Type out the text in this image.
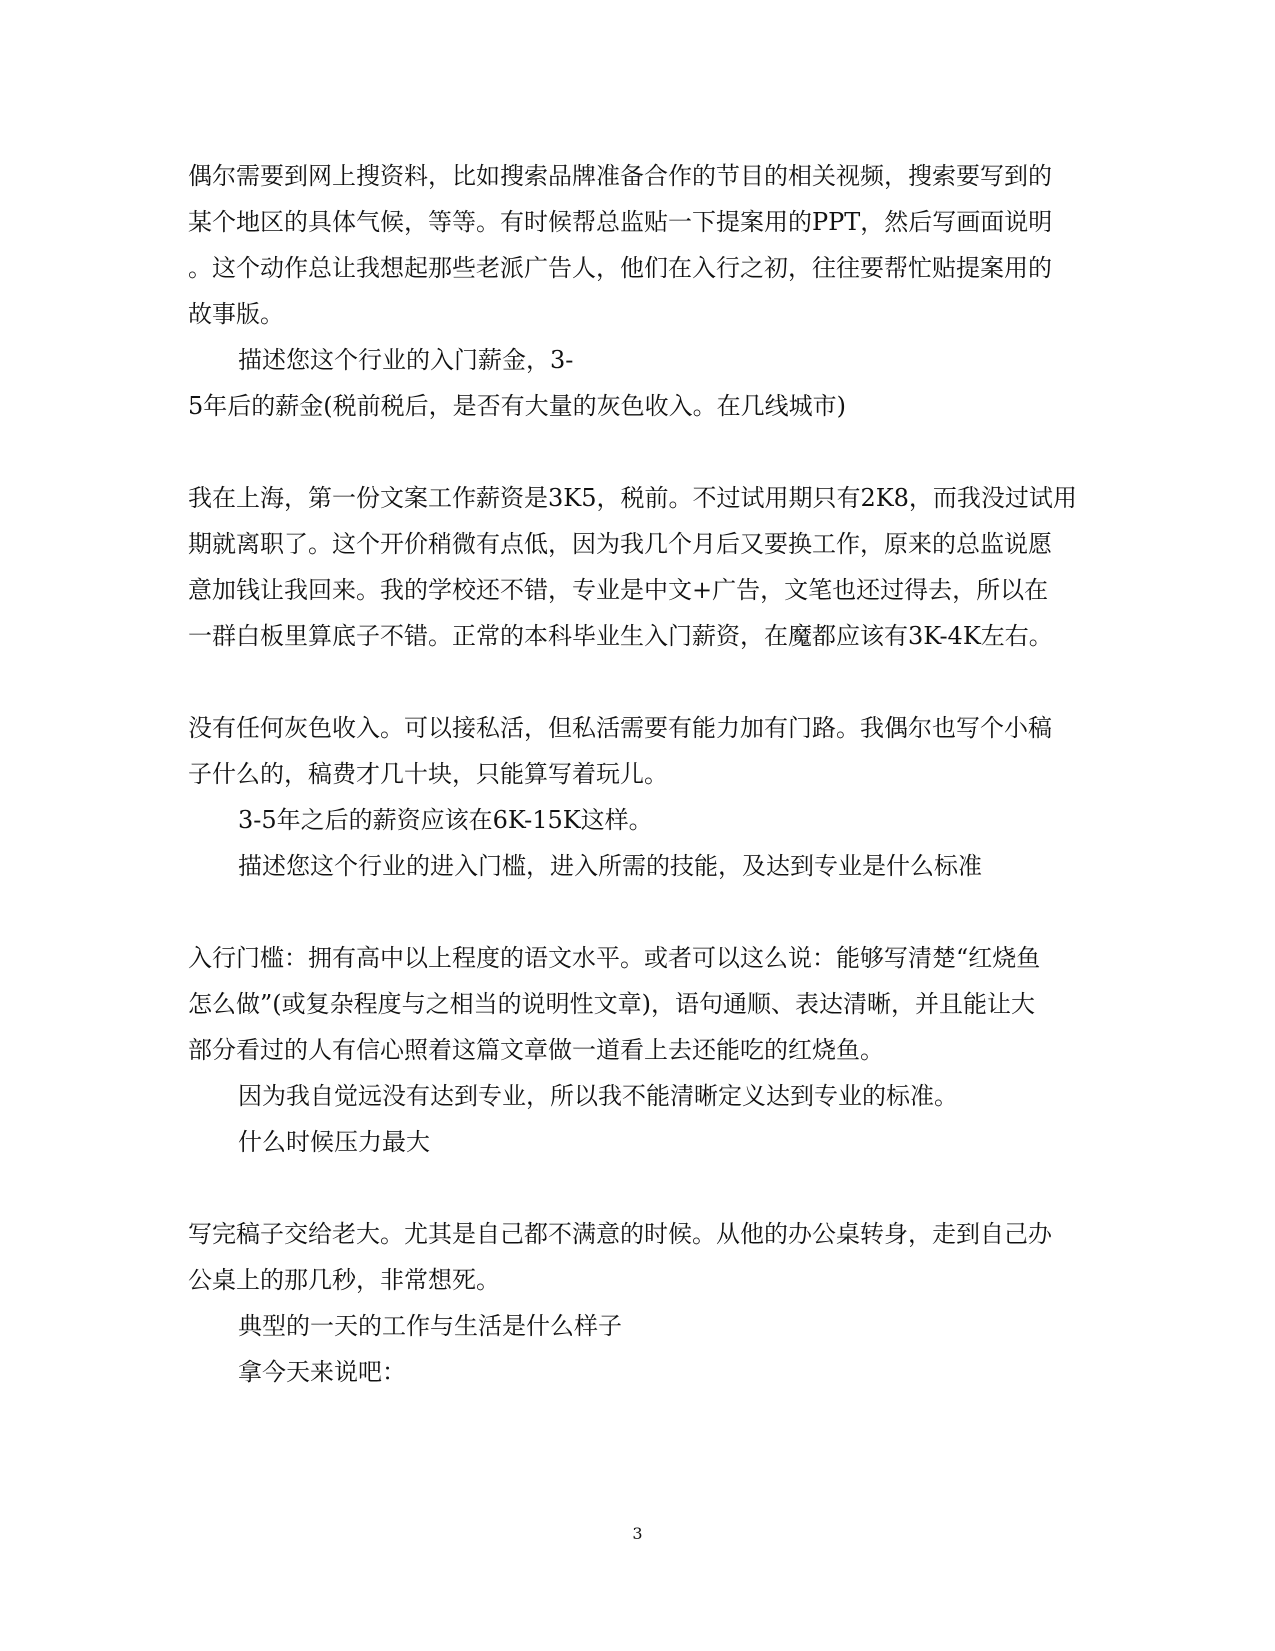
偶尔需要到网上搜资料，比如搜索品牌准备合作的节目的相关视频，搜索要写到的
某个地区的具体气候，等等。有时候帮总监贴一下提案用的PPT，然后写画面说明
。这个动作总让我想起那些老派广告人，他们在入行之初，往往要帮忙贴提案用的
故事版。
描述您这个行业的入门薪金，3-
5年后的薪金(税前税后，是否有大量的灰色收入。在几线城市)
我在上海，第一份文案工作薪资是3K5，税前。不过试用期只有2K8，而我没过试用
期就离职了。这个开价稍微有点低，因为我几个月后又要换工作，原来的总监说愿
意加钱让我回来。我的学校还不错，专业是中文+广告，文笔也还过得去，所以在
一群白板里算底子不错。正常的本科毕业生入门薪资，在魔都应该有3K-4K左右。
没有任何灰色收入。可以接私活，但私活需要有能力加有门路。我偶尔也写个小稿
子什么的，稿费才几十块，只能算写着玩儿。
3-5年之后的薪资应该在6K-15K这样。
描述您这个行业的进入门槛，进入所需的技能，及达到专业是什么标准
入行门槛：拥有高中以上程度的语文水平。或者可以这么说：能够写清楚“红烧鱼
怎么做”(或复杂程度与之相当的说明性文章)，语句通顺、表达清晰，并且能让大
部分看过的人有信心照着这篇文章做一道看上去还能吃的红烧鱼。
因为我自觉远没有达到专业，所以我不能清晰定义达到专业的标准。
什么时候压力最大
写完稿子交给老大。尤其是自己都不满意的时候。从他的办公桌转身，走到自己办
公桌上的那几秒，非常想死。
典型的一天的工作与生活是什么样子
拿今天来说吧：
3
